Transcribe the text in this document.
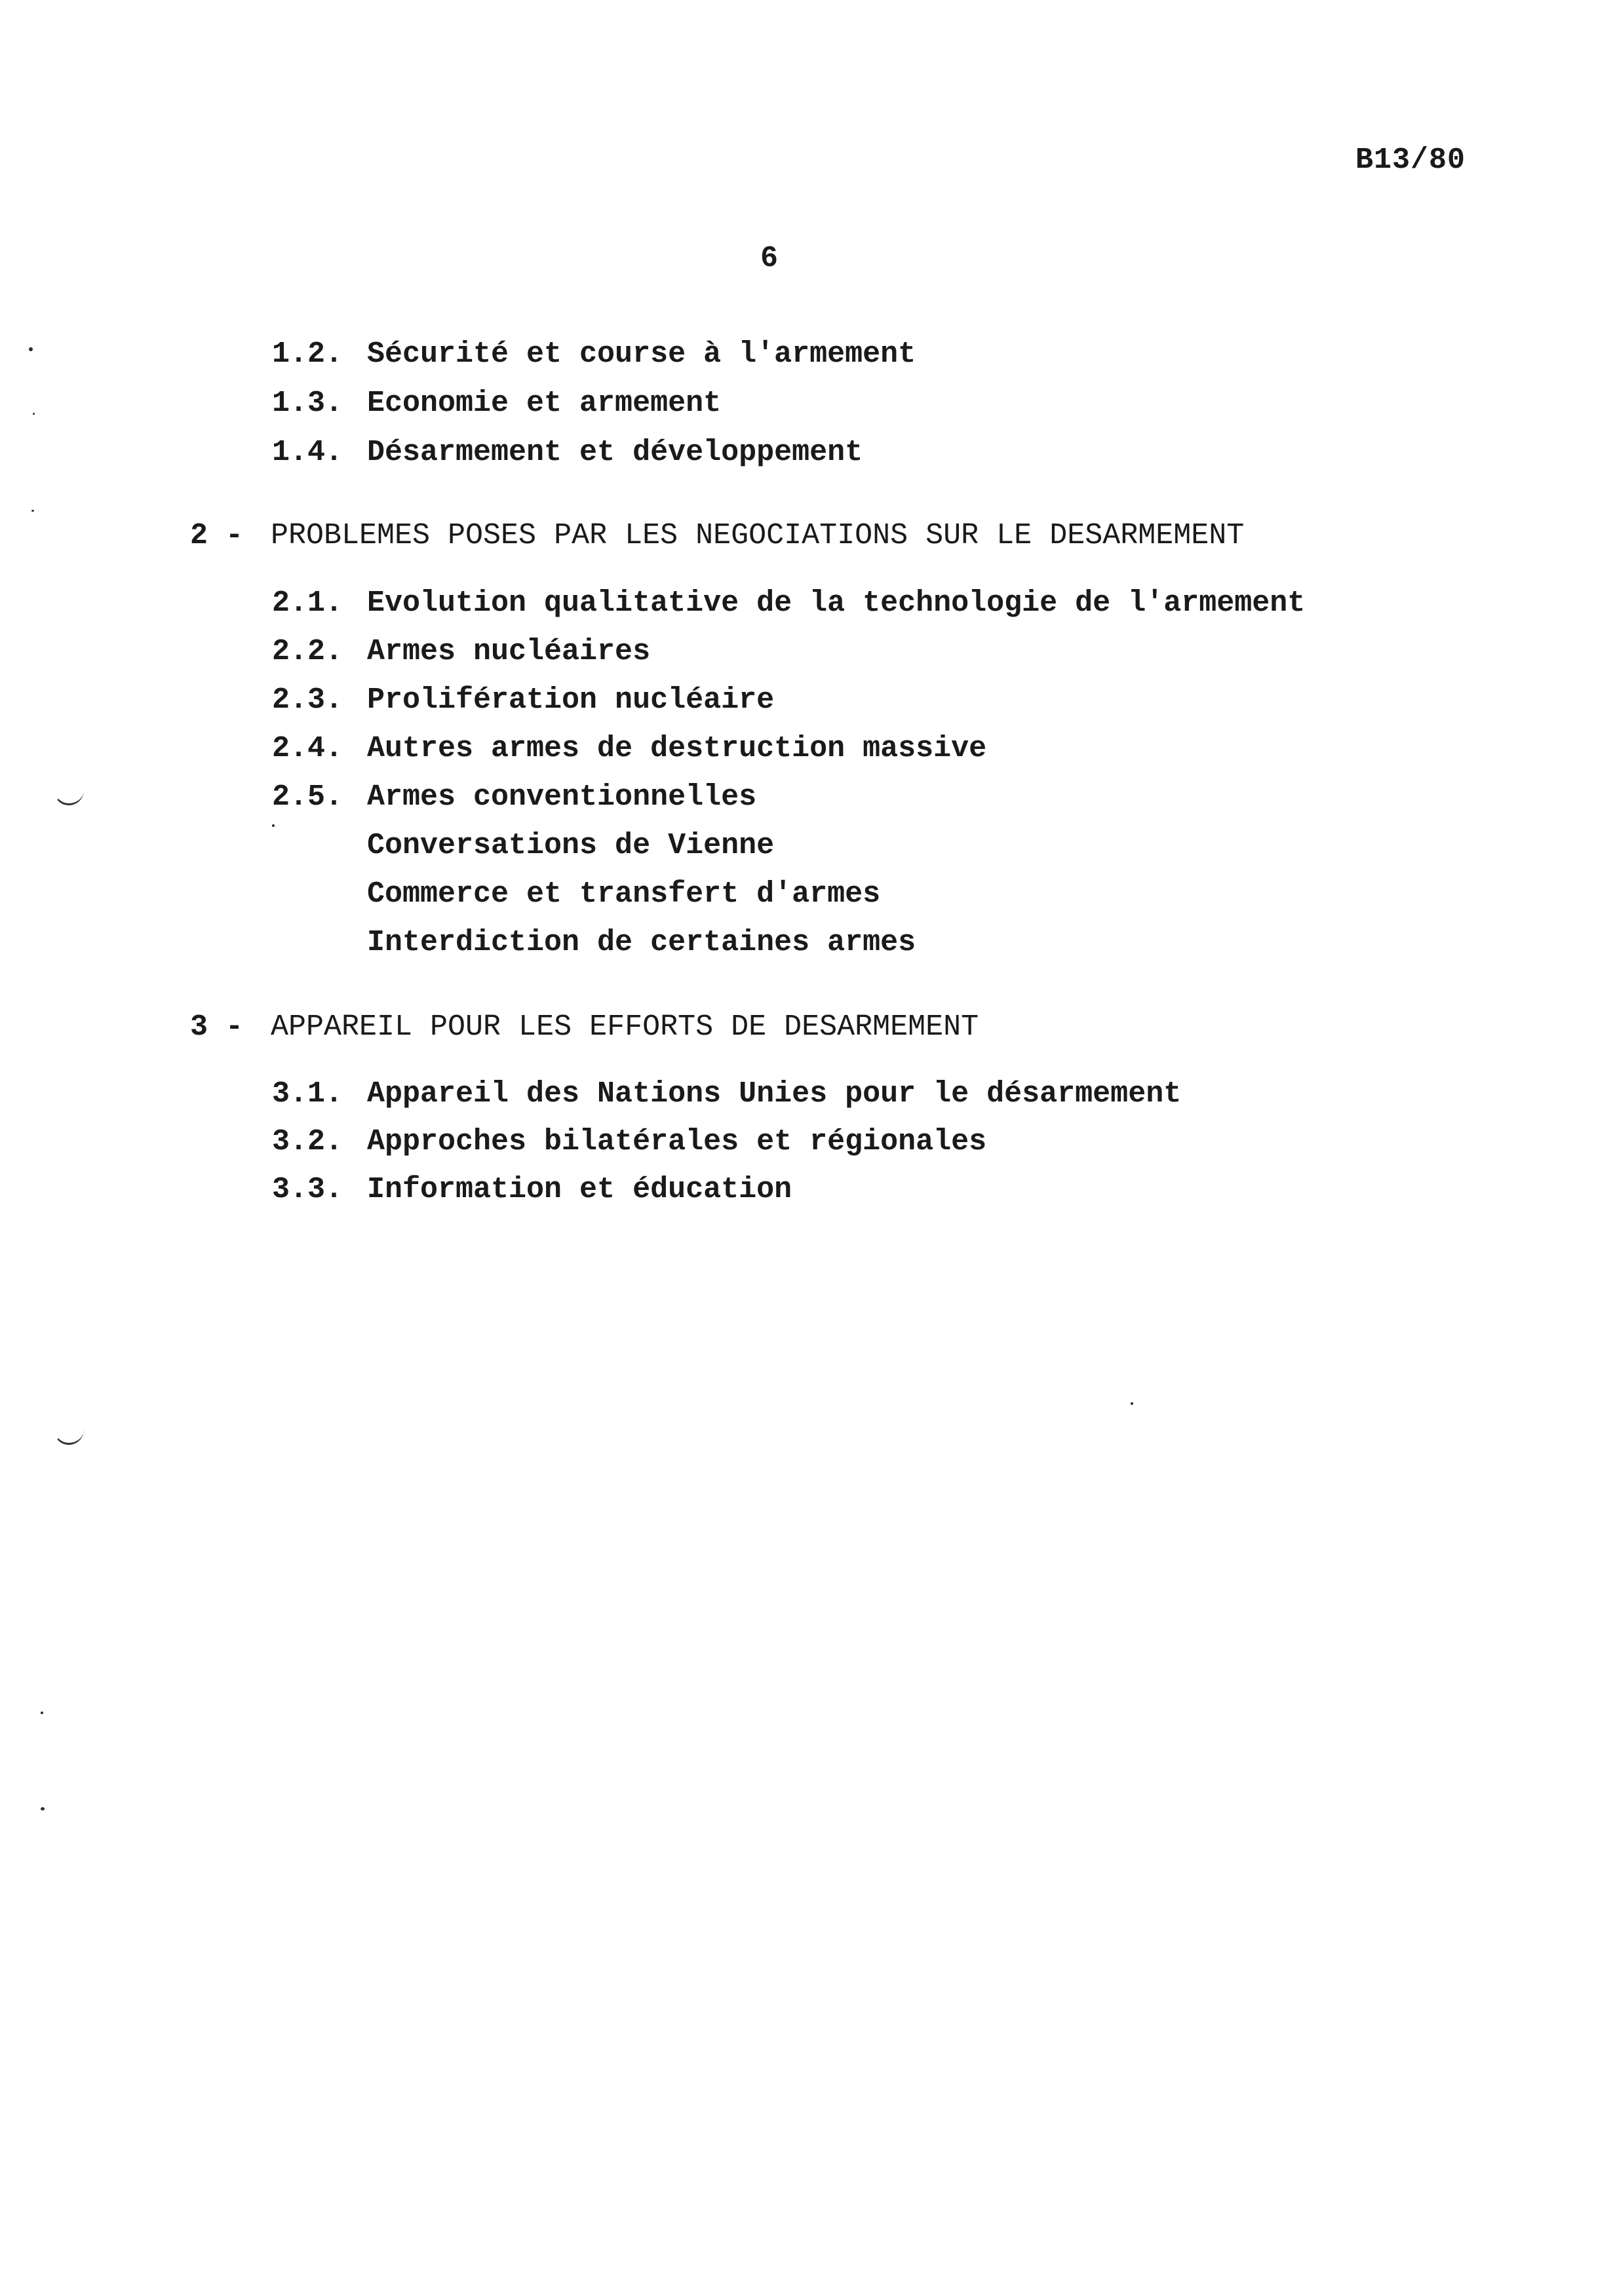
B13/80
6
1.2. Sécurité et course à l'armement
1.3. Economie et armement
1.4. Désarmement et développement
2 - PROBLEMES POSES PAR LES NEGOCIATIONS SUR LE DESARMEMENT
2.1. Evolution qualitative de la technologie de l'armement
2.2. Armes nucléaires
2.3. Prolifération nucléaire
2.4. Autres armes de destruction massive
2.5. Armes conventionnelles
Conversations de Vienne
Commerce et transfert d'armes
Interdiction de certaines armes
3 - APPAREIL POUR LES EFFORTS DE DESARMEMENT
3.1. Appareil des Nations Unies pour le désarmement
3.2. Approches bilatérales et régionales
3.3. Information et éducation
